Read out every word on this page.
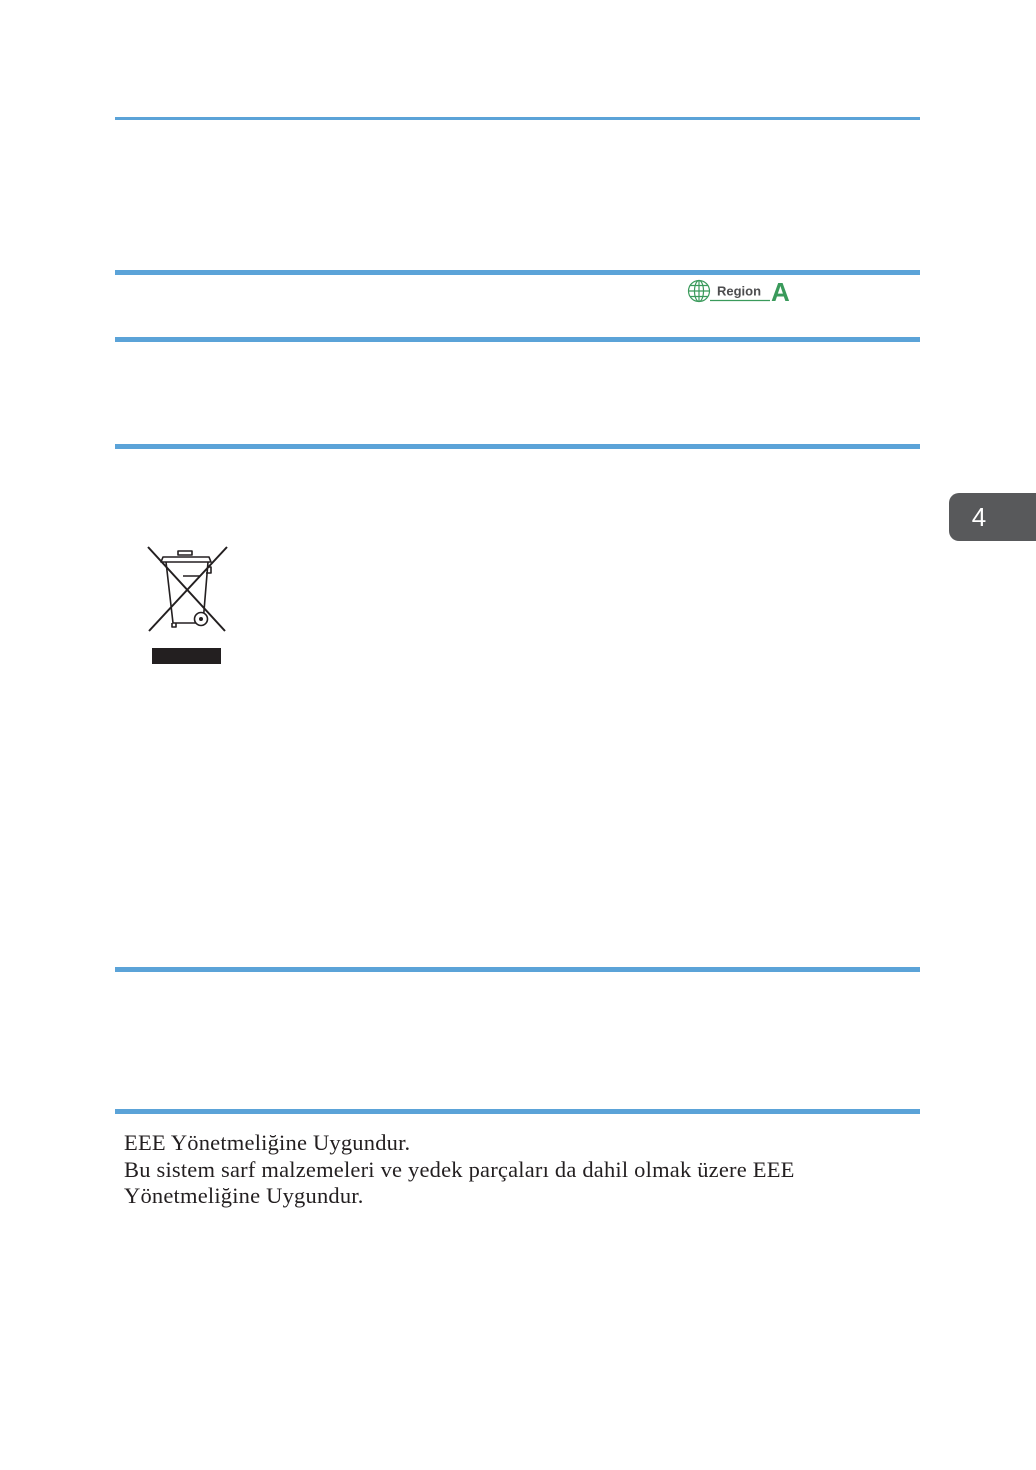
Region A
4

EEE Yönetmeliğine Uygundur.

Bu sistem sarf malzemeleri ve yedek parçaları da dahil olmak üzere EEE Yönetmeliğine Uygundur.
